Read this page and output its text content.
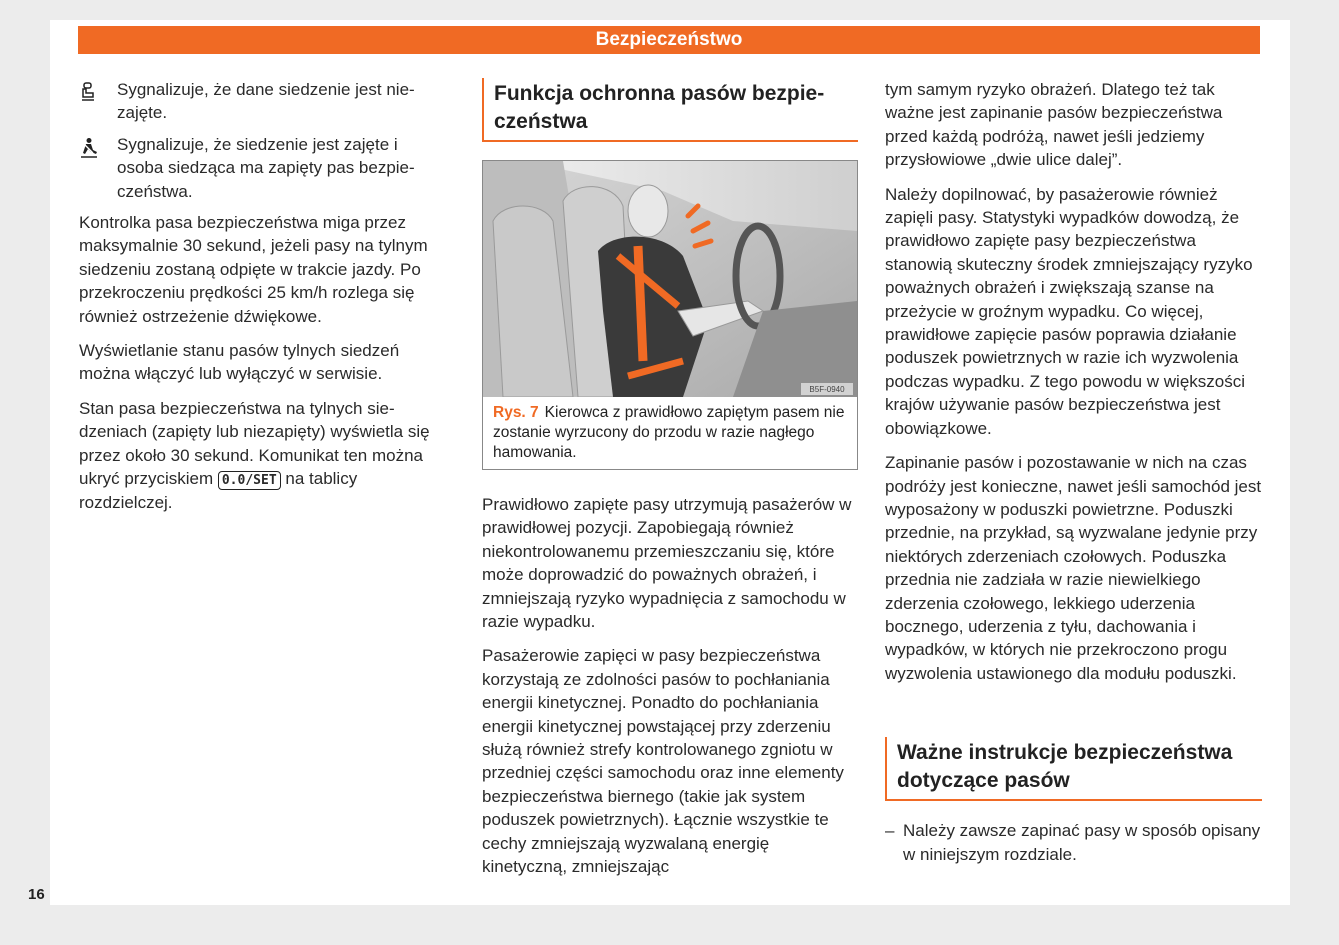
Bezpieczeństwo
Sygnalizuje, że dane siedzenie jest niezajęte.
Sygnalizuje, że siedzenie jest zajęte i osoba siedząca ma zapięty pas bezpieczeństwa.

Kontrolka pasa bezpieczeństwa miga przez maksymalnie 30 sekund, jeżeli pasy na tylnym siedzeniu zostaną odpięte w trakcie jazdy. Po przekroczeniu prędkości 25 km/h rozlega się również ostrzeżenie dźwiękowe.

Wyświetlanie stanu pasów tylnych siedzeń można włączyć lub wyłączyć w serwisie.

Stan pasa bezpieczeństwa na tylnych siedzeniach (zapięty lub niezapięty) wyświetla się przez około 30 sekund. Komunikat ten można ukryć przyciskiem 0.0/SET na tablicy rozdzielczej.

Funkcja ochronna pasów bezpieczeństwa
B5F-0940
Rys. 7 Kierowca z prawidłowo zapiętym pasem nie zostanie wyrzucony do przodu w razie nagłego hamowania.

Prawidłowo zapięte pasy utrzymują pasażerów w prawidłowej pozycji. Zapobiegają również niekontrolowanemu przemieszczaniu się, które może doprowadzić do poważnych obrażeń, i zmniejszają ryzyko wypadnięcia z samochodu w razie wypadku.

Pasażerowie zapięci w pasy bezpieczeństwa korzystają ze zdolności pasów to pochłaniania energii kinetycznej. Ponadto do pochłaniania energii kinetycznej powstającej przy zderzeniu służą również strefy kontrolowanego zgniotu w przedniej części samochodu oraz inne elementy bezpieczeństwa biernego (takie jak system poduszek powietrznych). Łącznie wszystkie te cechy zmniejszają wyzwalaną energię kinetyczną, zmniejszając

tym samym ryzyko obrażeń. Dlatego też tak ważne jest zapinanie pasów bezpieczeństwa przed każdą podróżą, nawet jeśli jedziemy przysłowiowe „dwie ulice dalej”.

Należy dopilnować, by pasażerowie również zapięli pasy. Statystyki wypadków dowodzą, że prawidłowo zapięte pasy bezpieczeństwa stanowią skuteczny środek zmniejszający ryzyko poważnych obrażeń i zwiększają szanse na przeżycie w groźnym wypadku. Co więcej, prawidłowe zapięcie pasów poprawia działanie poduszek powietrznych w razie ich wyzwolenia podczas wypadku. Z tego powodu w większości krajów używanie pasów bezpieczeństwa jest obowiązkowe.

Zapinanie pasów i pozostawanie w nich na czas podróży jest konieczne, nawet jeśli samochód jest wyposażony w poduszki powietrzne. Poduszki przednie, na przykład, są wyzwalane jedynie przy niektórych zderzeniach czołowych. Poduszka przednia nie zadziała w razie niewielkiego zderzenia czołowego, lekkiego uderzenia bocznego, uderzenia z tyłu, dachowania i wypadków, w których nie przekroczono progu wyzwolenia ustawionego dla modułu poduszki.

Ważne instrukcje bezpieczeństwa dotyczące pasów
– Należy zawsze zapinać pasy w sposób opisany w niniejszym rozdziale.
16
